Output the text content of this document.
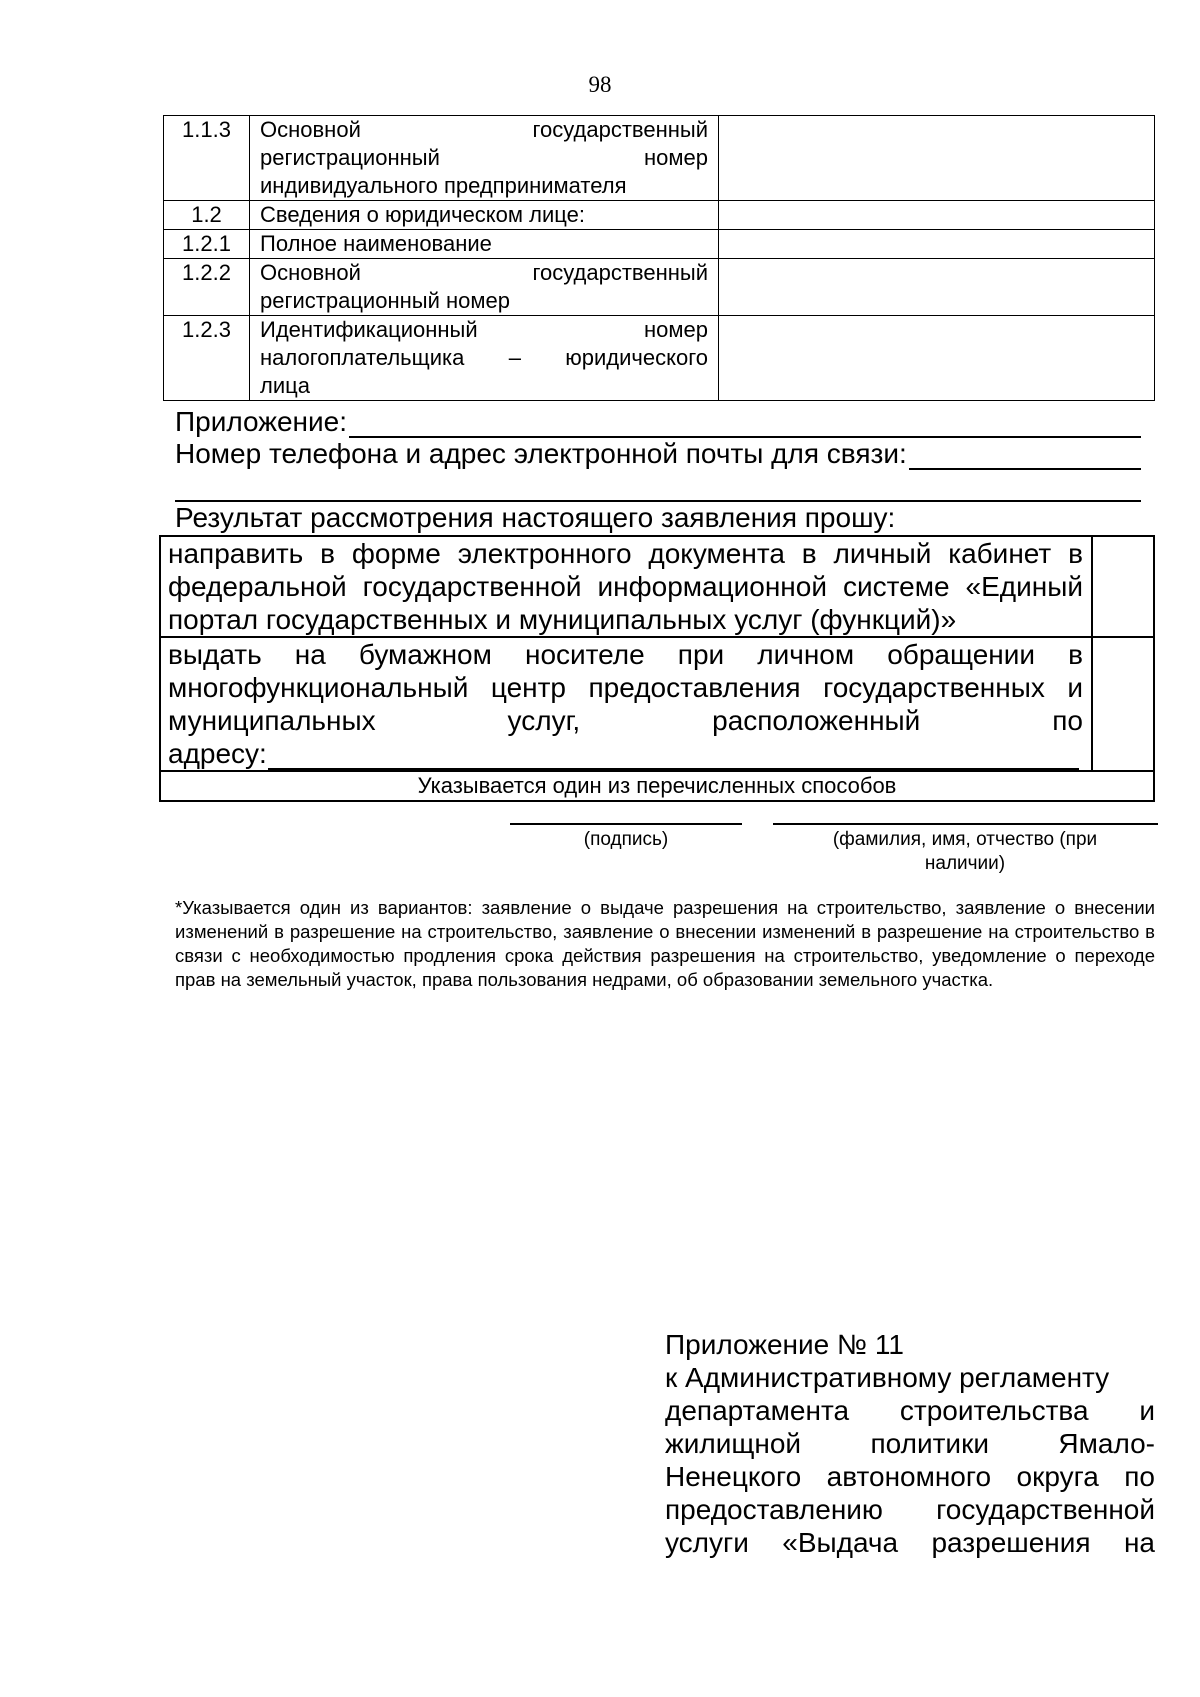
98
1.1.3	Основной государственный
регистрационный номер
индивидуального предпринимателя	

1.2	Сведения о юридическом лице:	
1.2.1	Полное наименование	
1.2.2	Основной государственный
регистрационный номер	

1.2.3	Идентификационный номер
налогоплательщика – юридического
лица	

Приложение:
Номер телефона и адрес электронной почты для связи:
Результат рассмотрения настоящего заявления прошу:
направить в форме электронного документа в личный кабинет в
федеральной государственной информационной системе «Единый
портал государственных и муниципальных услуг (функций)»	

выдать на бумажном носителе при личном обращении в
многофункциональный центр предоставления государственных и
муниципальных услуг, расположенный по
адресу:	

Указывается один из перечисленных способов	
(подпись)	(фамилия, имя, отчество (при
наличии)
*Указывается один из вариантов: заявление о выдаче разрешения на строительство, заявление о внесении изменений в разрешение на строительство, заявление о внесении изменений в разрешение на строительство в связи с необходимостью продления срока действия разрешения на строительство, уведомление о переходе прав на земельный участок, права пользования недрами, об образовании земельного участка.
Приложение № 11
к Административному регламенту
департамента строительства и
жилищной политики Ямало-
Ненецкого автономного округа по
предоставлению государственной
услуги «Выдача разрешения на
